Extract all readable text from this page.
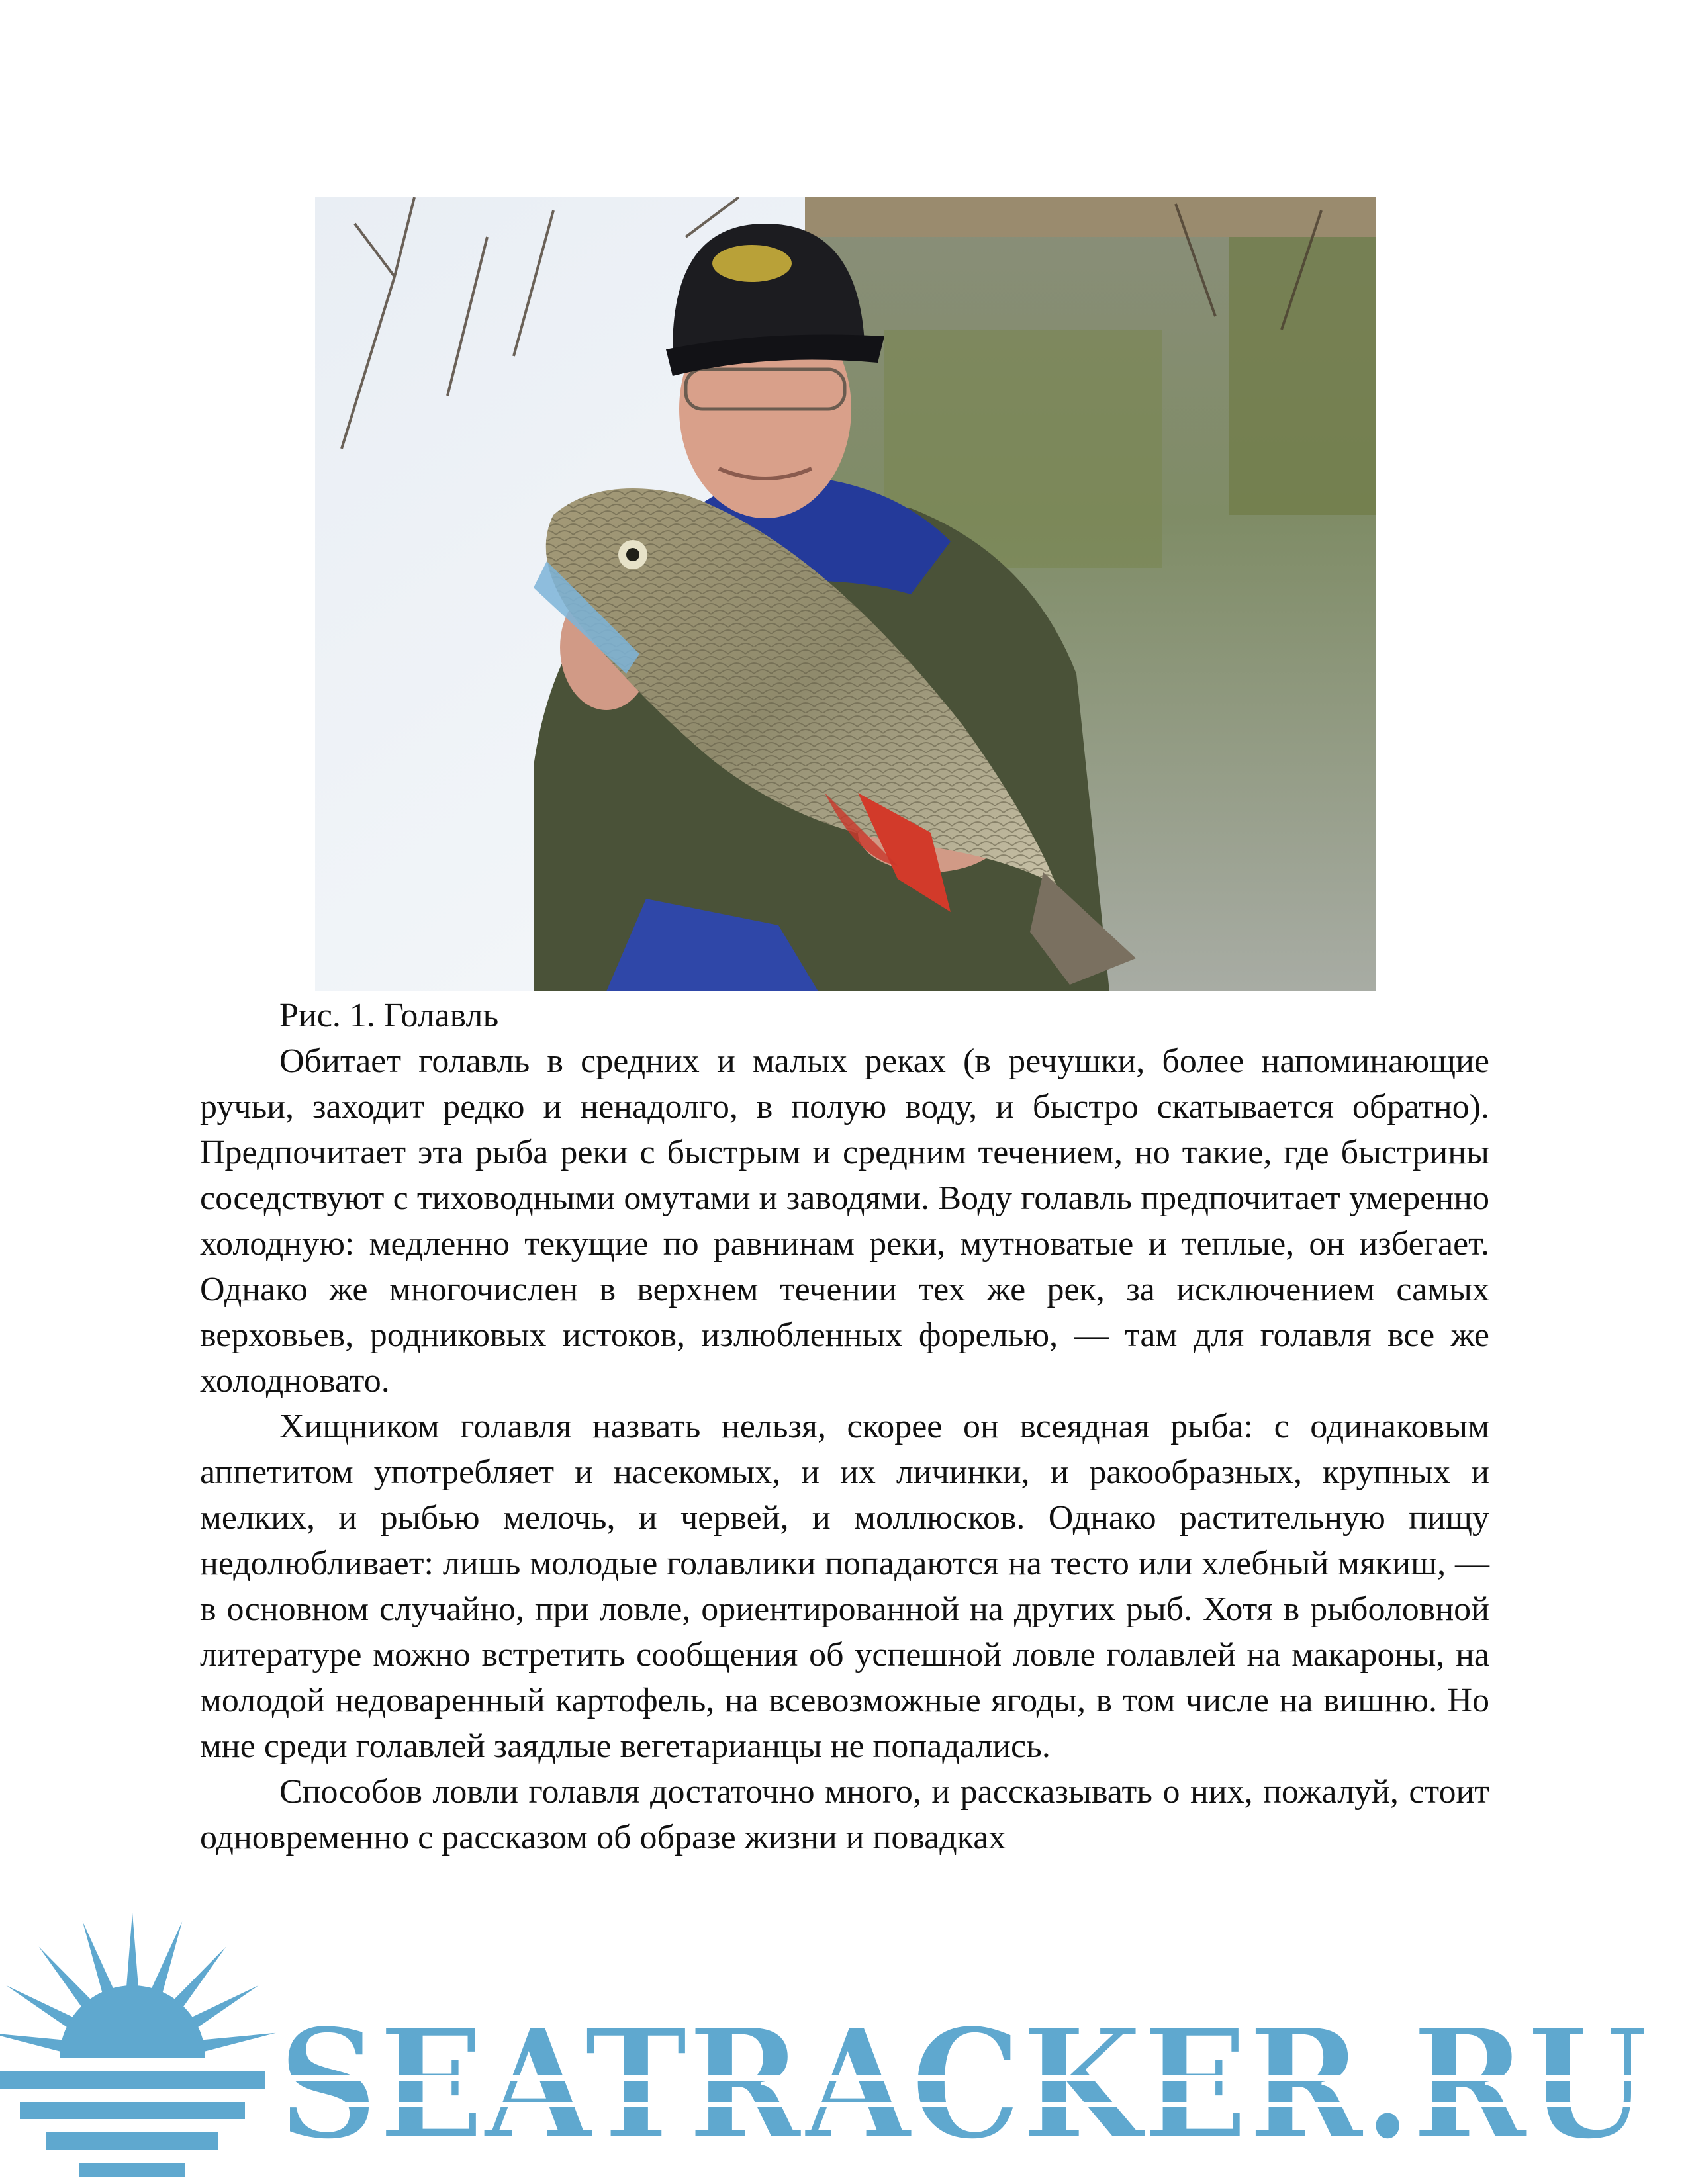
Рис. 1. Голавль

Обитает голавль в средних и малых реках (в речушки, более напоминающие ручьи, заходит редко и ненадолго, в полую воду, и быстро скатывается обратно). Предпочитает эта рыба реки с быстрым и средним течением, но такие, где быстрины соседствуют с тиховодными омутами и заводями. Воду голавль предпочитает умеренно холодную: медленно текущие по равнинам реки, мутноватые и теплые, он избегает. Однако же многочислен в верхнем течении тех же рек, за исключением самых верховьев, родниковых истоков, излюбленных форелью, — там для голавля все же холодновато.

Хищником голавля назвать нельзя, скорее он всеядная рыба: с одинаковым аппетитом употребляет и насекомых, и их личинки, и ракообразных, крупных и мелких, и рыбью мелочь, и червей, и моллюсков. Однако растительную пищу недолюбливает: лишь молодые голавлики попадаются на тесто или хлебный мякиш, — в основном случайно, при ловле, ориентированной на других рыб. Хотя в рыболовной литературе можно встретить сообщения об успешной ловле голавлей на макароны, на молодой недоваренный картофель, на всевозможные ягоды, в том числе на вишню. Но мне среди голавлей заядлые вегетарианцы не попадались.

Способов ловли голавля достаточно много, и рассказывать о них, пожалуй, стоит одновременно с рассказом об образе жизни и повадках

SEATRACKER.RU
